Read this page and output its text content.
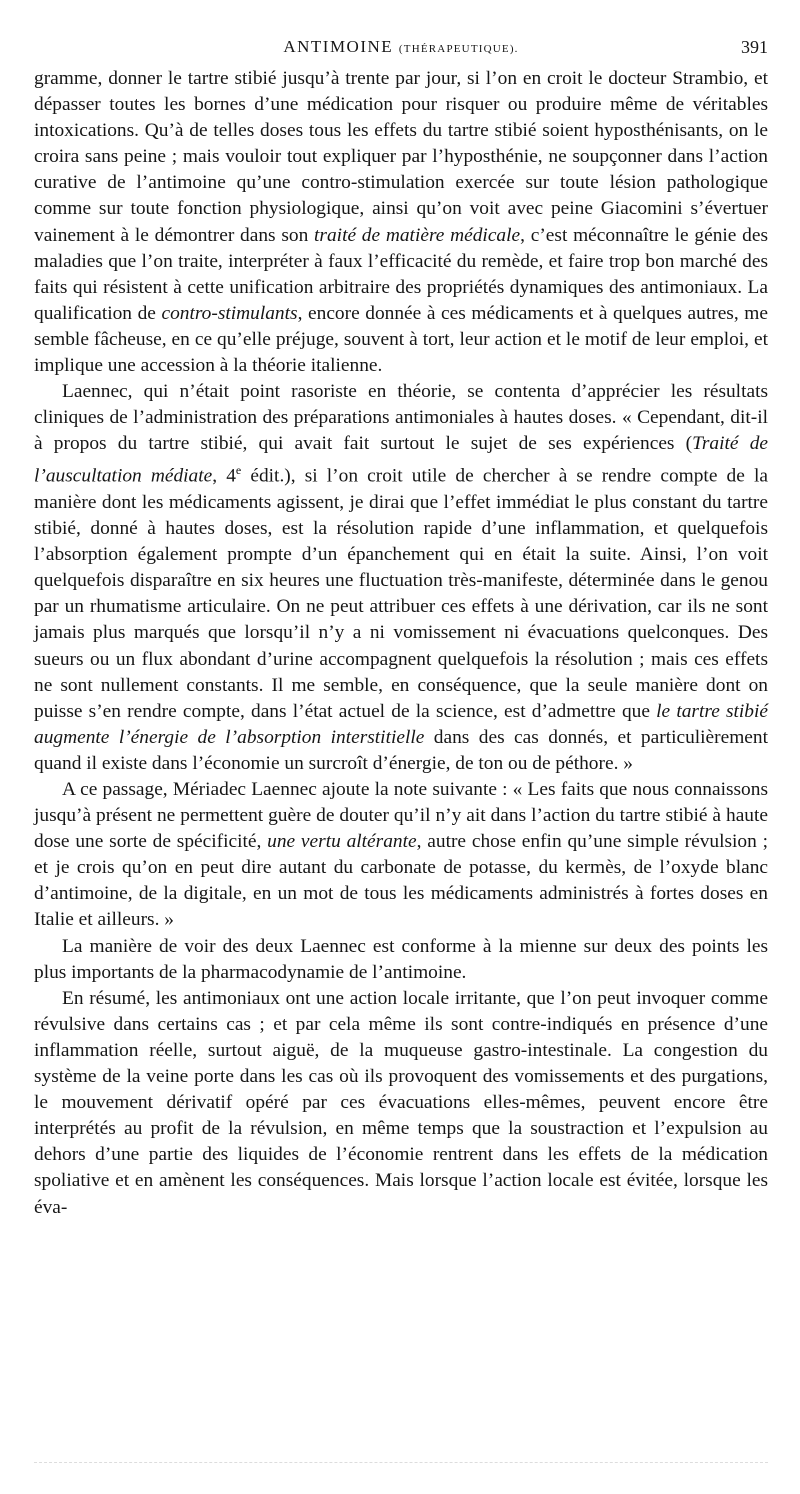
ANTIMOINE (THÉRAPEUTIQUE).	391

gramme, donner le tartre stibié jusqu’à trente par jour, si l’on en croit le docteur Strambio, et dépasser toutes les bornes d’une médication pour risquer ou produire même de véritables intoxications. Qu’à de telles doses tous les effets du tartre stibié soient hyposthénisants, on le croira sans peine ; mais vouloir tout expliquer par l’hyposthénie, ne soupçonner dans l’action curative de l’antimoine qu’une contro-stimulation exercée sur toute lésion pathologique comme sur toute fonction physiologique, ainsi qu’on voit avec peine Giacomini s’évertuer vainement à le démontrer dans son traité de matière médicale, c’est méconnaître le génie des maladies que l’on traite, interpréter à faux l’efficacité du remède, et faire trop bon marché des faits qui résistent à cette unification arbitraire des propriétés dynamiques des antimoniaux. La qualification de contro-stimulants, encore donnée à ces médicaments et à quelques autres, me semble fâcheuse, en ce qu’elle préjuge, souvent à tort, leur action et le motif de leur emploi, et implique une accession à la théorie italienne.

Laennec, qui n’était point rasoriste en théorie, se contenta d’apprécier les résultats cliniques de l’administration des préparations antimoniales à hautes doses. « Cependant, dit-il à propos du tartre stibié, qui avait fait surtout le sujet de ses expériences (Traité de l’auscultation médiate, 4e édit.), si l’on croit utile de chercher à se rendre compte de la manière dont les médicaments agissent, je dirai que l’effet immédiat le plus constant du tartre stibié, donné à hautes doses, est la résolution rapide d’une inflammation, et quelquefois l’absorption également prompte d’un épanchement qui en était la suite. Ainsi, l’on voit quelquefois disparaître en six heures une fluctuation très-manifeste, déterminée dans le genou par un rhumatisme articulaire. On ne peut attribuer ces effets à une dérivation, car ils ne sont jamais plus marqués que lorsqu’il n’y a ni vomissement ni évacuations quelconques. Des sueurs ou un flux abondant d’urine accompagnent quelquefois la résolution ; mais ces effets ne sont nullement constants. Il me semble, en conséquence, que la seule manière dont on puisse s’en rendre compte, dans l’état actuel de la science, est d’admettre que le tartre stibié augmente l’énergie de l’absorption interstitielle dans des cas donnés, et particulièrement quand il existe dans l’économie un surcroît d’énergie, de ton ou de péthore. »

A ce passage, Mériadec Laennec ajoute la note suivante : « Les faits que nous connaissons jusqu’à présent ne permettent guère de douter qu’il n’y ait dans l’action du tartre stibié à haute dose une sorte de spécificité, une vertu altérante, autre chose enfin qu’une simple révulsion ; et je crois qu’on en peut dire autant du carbonate de potasse, du kermès, de l’oxyde blanc d’antimoine, de la digitale, en un mot de tous les médicaments administrés à fortes doses en Italie et ailleurs. »

La manière de voir des deux Laennec est conforme à la mienne sur deux des points les plus importants de la pharmacodynamie de l’antimoine.

En résumé, les antimoniaux ont une action locale irritante, que l’on peut invoquer comme révulsive dans certains cas ; et par cela même ils sont contre-indiqués en présence d’une inflammation réelle, surtout aiguë, de la muqueuse gastro-intestinale. La congestion du système de la veine porte dans les cas où ils provoquent des vomissements et des purgations, le mouvement dérivatif opéré par ces évacuations elles-mêmes, peuvent encore être interprétés au profit de la révulsion, en même temps que la soustraction et l’expulsion au dehors d’une partie des liquides de l’économie rentrent dans les effets de la médication spoliative et en amènent les conséquences. Mais lorsque l’action locale est évitée, lorsque les éva-
